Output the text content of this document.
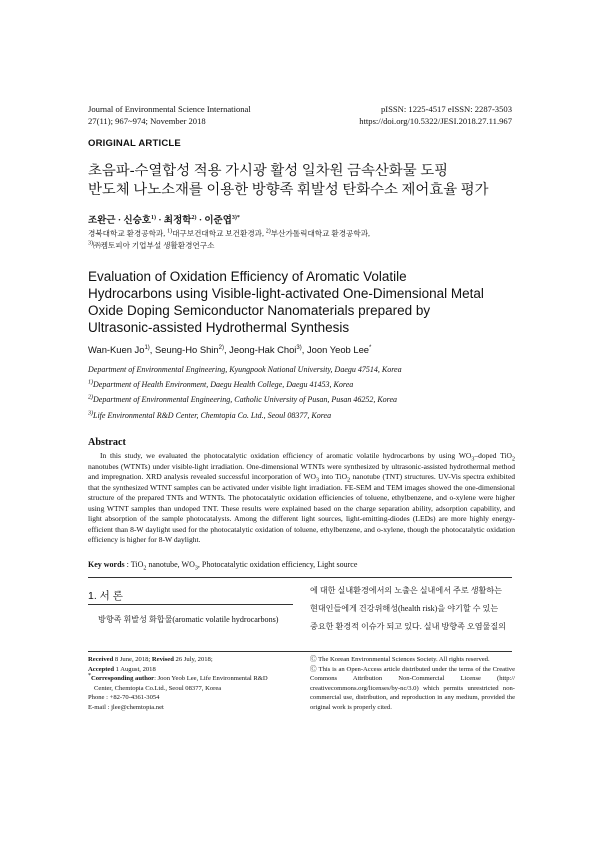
Journal of Environmental Science International
27(11); 967~974; November 2018
pISSN: 1225-4517 eISSN: 2287-3503
https://doi.org/10.5322/JESI.2018.27.11.967
ORIGINAL ARTICLE
초음파-수열합성 적용 가시광 활성 일차원 금속산화물 도핑
반도체 나노소재를 이용한 방향족 휘발성 탄화수소 제어효율 평가
조완근 · 신승호$^{1)}$ · 최정학$^{2)}$ · 이준엽$^{3)*}$
경북대학교 환경공학과, $^{1)}$대구보건대학교 보건환경과, $^{2)}$부산가톨릭대학교 환경공학과,
$^{3)}$㈜켐토피아 기업부설 생활환경연구소
Evaluation of Oxidation Efficiency of Aromatic Volatile
Hydrocarbons using Visible-light-activated One-Dimensional Metal
Oxide Doping Semiconductor Nanomaterials prepared by
Ultrasonic-assisted Hydrothermal Synthesis
Wan-Kuen Jo$^{1)}$, Seung-Ho Shin$^{2)}$, Jeong-Hak Choi$^{3)}$, Joon Yeob Lee*
Department of Environmental Engineering, Kyungpook National University, Daegu 47514, Korea
$^{1)}$Department of Health Environment, Daegu Health College, Daegu 41453, Korea
$^{2)}$Department of Environmental Engineering, Catholic University of Pusan, Pusan 46252, Korea
$^{3)}$Life Environmental R&D Center, Chemtopia Co. Ltd., Seoul 08377, Korea
Abstract
In this study, we evaluated the photocatalytic oxidation efficiency of aromatic volatile hydrocarbons by using $WO_3$–doped TiO$_2$ nanotubes (WTNTs) under visible-light irradiation. One-dimensional WTNTs were synthesized by ultrasonic-assisted hydrothermal method and impregnation. XRD analysis revealed successful incorporation of $WO_3$ into TiO$_2$ nanotube (TNT) structures. UV-Vis spectra exhibited that the synthesized WTNT samples can be activated under visible light irradiation. FE-SEM and TEM images showed the one-dimensional structure of the prepared TNTs and WTNTs. The photocatalytic oxidation efficiencies of toluene, ethylbenzene, and o-xylene were higher using WTNT samples than undoped TNT. These results were explained based on the charge separation ability, adsorption capability, and light absorption of the sample photocatalysts. Among the different light sources, light-emitting-diodes (LEDs) are more highly energy-efficient than 8-W daylight used for the photocatalytic oxidation of toluene, ethylbenzene, and o-xylene, though the photocatalytic oxidation efficiency is higher for 8-W daylight.
Key words : TiO$_2$ nanotube, $WO_3$, Photocatalytic oxidation efficiency, Light source
1. 서 론
방향족 휘발성 화합물(aromatic volatile hydrocarbons)
에 대한 실내환경에서의 노출은 실내에서 주로 생활하는
현대인들에게 건강위해성(health risk)을 야기할 수 있는
중요한 환경적 이슈가 되고 있다. 실내 방향족 오염물질의
Received 8 June, 2018; Revised 26 July, 2018;
Accepted 1 August, 2018
*Corresponding author: Joon Yeob Lee, Life Environmental R&D
Center, Chemtopia Co.Ltd., Seoul 08377, Korea
Phone : +82-70-4361-3054
E-mail : jlee@chemtopia.net
Ⓒ The Korean Environmental Sciences Society. All rights reserved.
Ⓒ This is an Open-Access article distributed under the terms of the Creative Commons Attribution Non-Commercial License (http:// creativecommons.org/licenses/by-nc/3.0) which permits unrestricted non-commercial use, distribution, and reproduction in any medium, provided the original work is properly cited.
